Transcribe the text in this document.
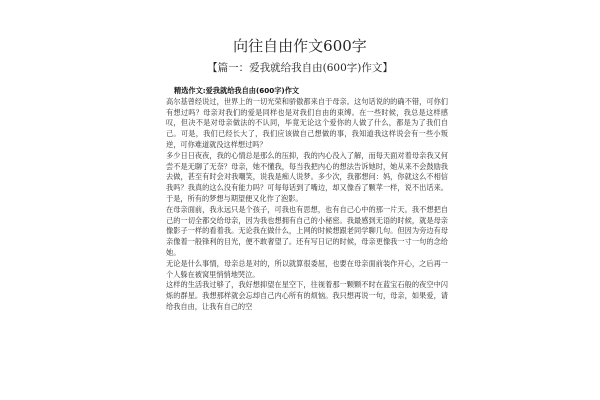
向往自由作文600字
【篇一：爱我就给我自由(600字)作文】
精选作文:爱我就给我自由(600字)作文

高尔基曾经说过，世界上的一切光荣和骄傲都来自于母亲。这句话说的的确不错，可你们有想过吗？母亲对我们的爱是同样也是对我们自由的束缚。在一些时候，我总是这样感叹，但决不是对母亲做法的不认同，毕竟无论这个爱你的人做了什么，都是为了我们自己。可是，我们已经长大了，我们应该做自己想做的事，我知道我这样说会有一些小叛逆，可你难道就没这样想过吗？

多少日日夜夜，我的心情总是那么的压抑，我的内心没入了解，而每天面对着母亲我又何尝不是无聊了无奈？母亲，她不懂我，每当我把内心的想法告诉她时，她从来不会鼓励我去做，甚至有时会对我嘲笑，说我是痴人说梦。多少次，我都想问：妈，你就这么不相信我吗？我真的这么没有能力吗？可每每话到了嘴边，却又像吞了颗苹一样，说不出话来。于是，所有的梦想与期望便又化作了泡影。

在母亲面前，我永远只是个孩子，可我也有思想，也有自己心中的那一片天。我不想把自己的一切全都交给母亲，因为我也想拥有自己的小秘密。我最感到无语的时候，就是母亲像影子一样的看着我。无论我在做什么，上网的时候想跟老同学聊几句。但因为旁边有母亲像着一般锋利的目光，便不敢奢望了。还有写日记的时候，母亲更像我一寸一句的念给她。

无论是什么事情，母亲总是对的，所以就算很委屈，也要在母亲面前装作开心，之后再一个人躲在被窝里悄悄地哭泣。

这样的生活我过够了，我好想抑望在星空下，往视着那一颗颗不时在蓝宝石般的夜空中闪烁的群星。我想那样就会忘却自己内心所有的烦恼。我只想再说一句，母亲，如果爱，请给我自由，让我有自己的空
